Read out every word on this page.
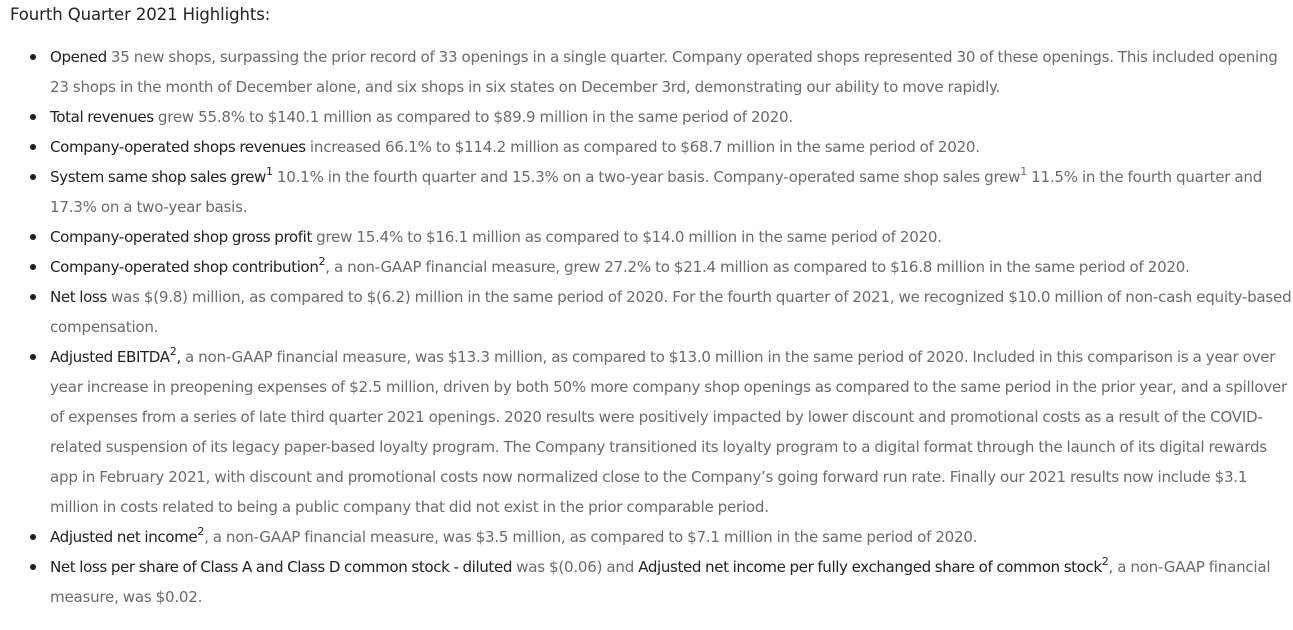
Fourth Quarter 2021 Highlights:
Opened 35 new shops, surpassing the prior record of 33 openings in a single quarter. Company operated shops represented 30 of these openings. This included opening 23 shops in the month of December alone, and six shops in six states on December 3rd, demonstrating our ability to move rapidly.
Total revenues grew 55.8% to $140.1 million as compared to $89.9 million in the same period of 2020.
Company-operated shops revenues increased 66.1% to $114.2 million as compared to $68.7 million in the same period of 2020.
System same shop sales grew$^1$ 10.1% in the fourth quarter and 15.3% on a two-year basis. Company-operated same shop sales grew$^1$ 11.5% in the fourth quarter and 17.3% on a two-year basis.
Company-operated shop gross profit grew 15.4% to $16.1 million as compared to $14.0 million in the same period of 2020.
Company-operated shop contribution$^2$, a non-GAAP financial measure, grew 27.2% to $21.4 million as compared to $16.8 million in the same period of 2020.
Net loss was $(9.8) million, as compared to $(6.2) million in the same period of 2020. For the fourth quarter of 2021, we recognized $10.0 million of non-cash equity-based compensation.
Adjusted EBITDA$^2$, a non-GAAP financial measure, was $13.3 million, as compared to $13.0 million in the same period of 2020. Included in this comparison is a year over year increase in preopening expenses of $2.5 million, driven by both 50% more company shop openings as compared to the same period in the prior year, and a spillover of expenses from a series of late third quarter 2021 openings. 2020 results were positively impacted by lower discount and promotional costs as a result of the COVID-related suspension of its legacy paper-based loyalty program. The Company transitioned its loyalty program to a digital format through the launch of its digital rewards app in February 2021, with discount and promotional costs now normalized close to the Company’s going forward run rate. Finally our 2021 results now include $3.1 million in costs related to being a public company that did not exist in the prior comparable period.
Adjusted net income$^2$, a non-GAAP financial measure, was $3.5 million, as compared to $7.1 million in the same period of 2020.
Net loss per share of Class A and Class D common stock - diluted was $(0.06) and Adjusted net income per fully exchanged share of common stock$^2$, a non-GAAP financial measure, was $0.02.
